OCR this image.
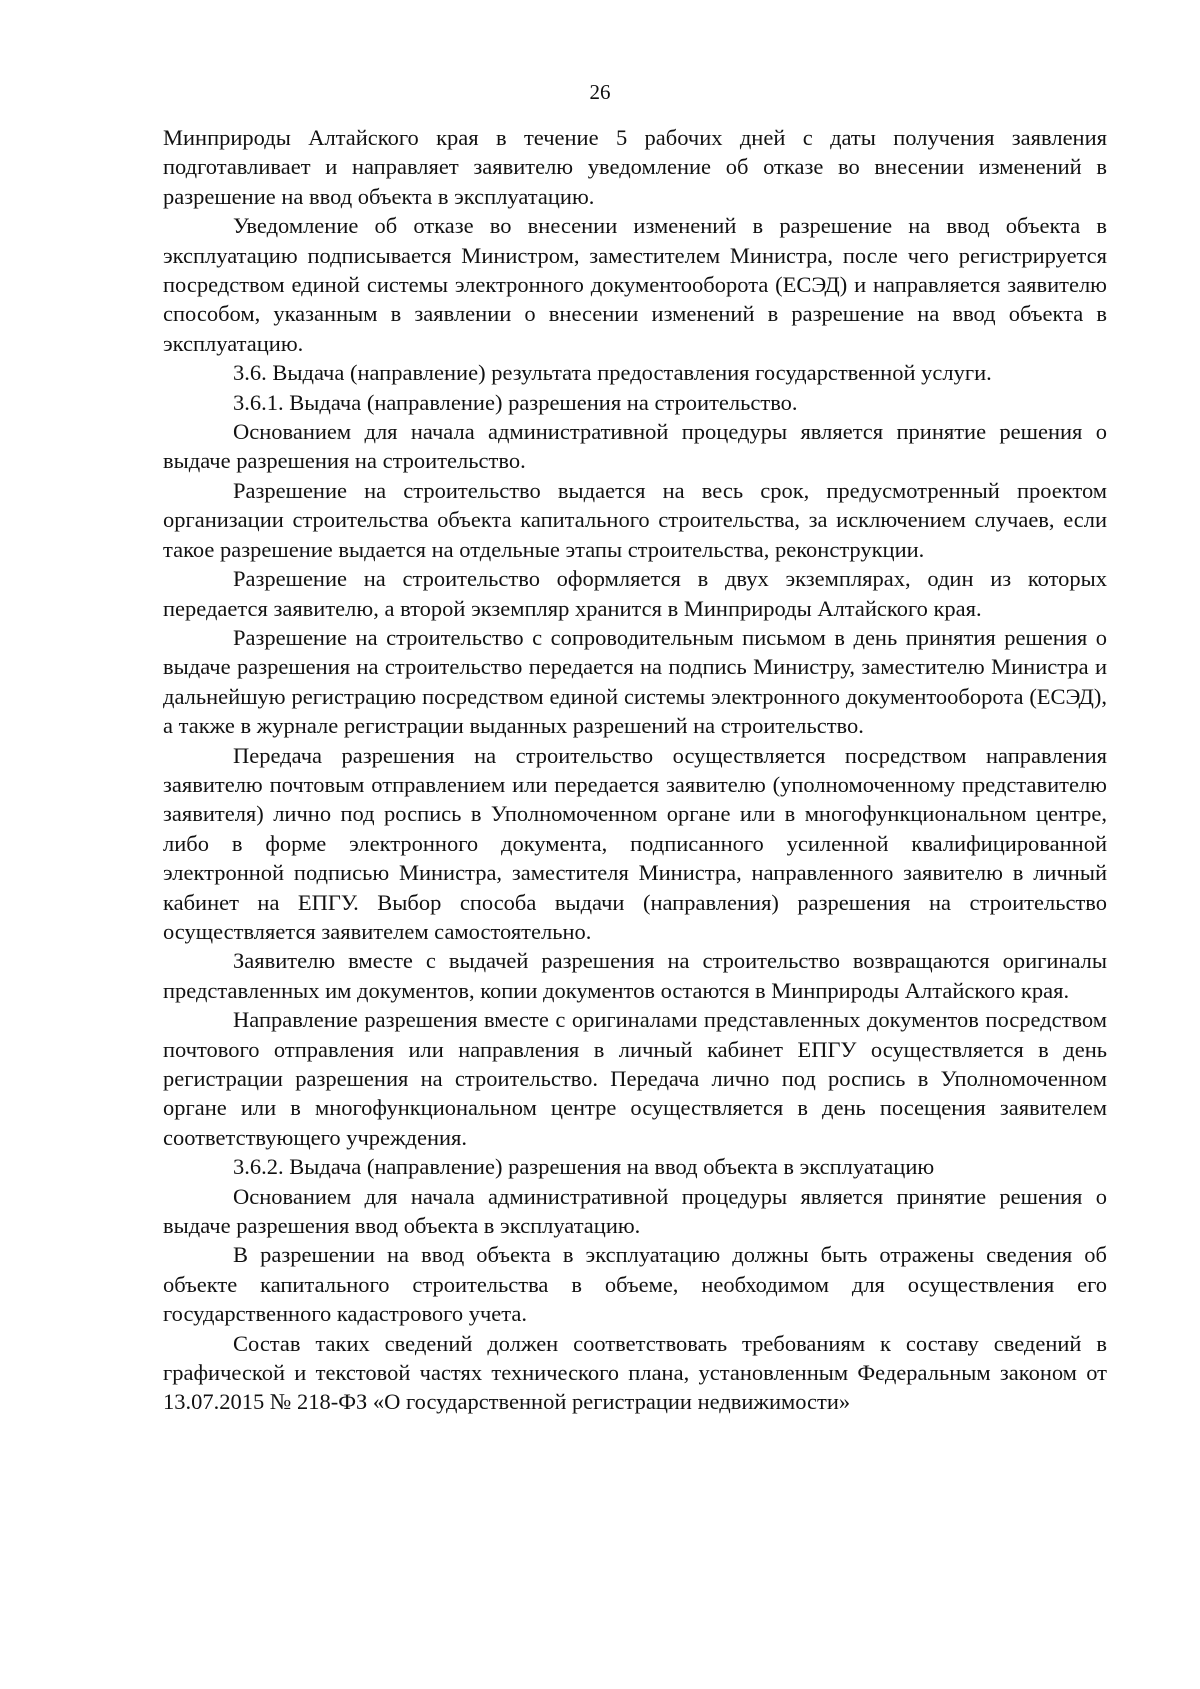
26

Минприроды Алтайского края в течение 5 рабочих дней с даты получения заявления подготавливает и направляет заявителю уведомление об отказе во внесении изменений в разрешение на ввод объекта в эксплуатацию.

Уведомление об отказе во внесении изменений в разрешение на ввод объекта в эксплуатацию подписывается Министром, заместителем Министра, после чего регистрируется посредством единой системы электронного документооборота (ЕСЭД) и направляется заявителю способом, указанным в заявлении о внесении изменений в разрешение на ввод объекта в эксплуатацию.

3.6. Выдача (направление) результата предоставления государственной услуги.

3.6.1. Выдача (направление) разрешения на строительство.

Основанием для начала административной процедуры является принятие решения о выдаче разрешения на строительство.

Разрешение на строительство выдается на весь срок, предусмотренный проектом организации строительства объекта капитального строительства, за исключением случаев, если такое разрешение выдается на отдельные этапы строительства, реконструкции.

Разрешение на строительство оформляется в двух экземплярах, один из которых передается заявителю, а второй экземпляр хранится в Минприроды Алтайского края.

Разрешение на строительство с сопроводительным письмом в день принятия решения о выдаче разрешения на строительство передается на подпись Министру, заместителю Министра и дальнейшую регистрацию посредством единой системы электронного документооборота (ЕСЭД), а также в журнале регистрации выданных разрешений на строительство.

Передача разрешения на строительство осуществляется посредством направления заявителю почтовым отправлением или передается заявителю (уполномоченному представителю заявителя) лично под роспись в Уполномоченном органе или в многофункциональном центре, либо в форме электронного документа, подписанного усиленной квалифицированной электронной подписью Министра, заместителя Министра, направленного заявителю в личный кабинет на ЕПГУ. Выбор способа выдачи (направления) разрешения на строительство осуществляется заявителем самостоятельно.

Заявителю вместе с выдачей разрешения на строительство возвращаются оригиналы представленных им документов, копии документов остаются в Минприроды Алтайского края.

Направление разрешения вместе с оригиналами представленных документов посредством почтового отправления или направления в личный кабинет ЕПГУ осуществляется в день регистрации разрешения на строительство. Передача лично под роспись в Уполномоченном органе или в многофункциональном центре осуществляется в день посещения заявителем соответствующего учреждения.

3.6.2. Выдача (направление) разрешения на ввод объекта в эксплуатацию

Основанием для начала административной процедуры является принятие решения о выдаче разрешения ввод объекта в эксплуатацию.

В разрешении на ввод объекта в эксплуатацию должны быть отражены сведения об объекте капитального строительства в объеме, необходимом для осуществления его государственного кадастрового учета.

Состав таких сведений должен соответствовать требованиям к составу сведений в графической и текстовой частях технического плана, установленным Федеральным законом от 13.07.2015 № 218-ФЗ «О государственной регистрации недвижимости»
